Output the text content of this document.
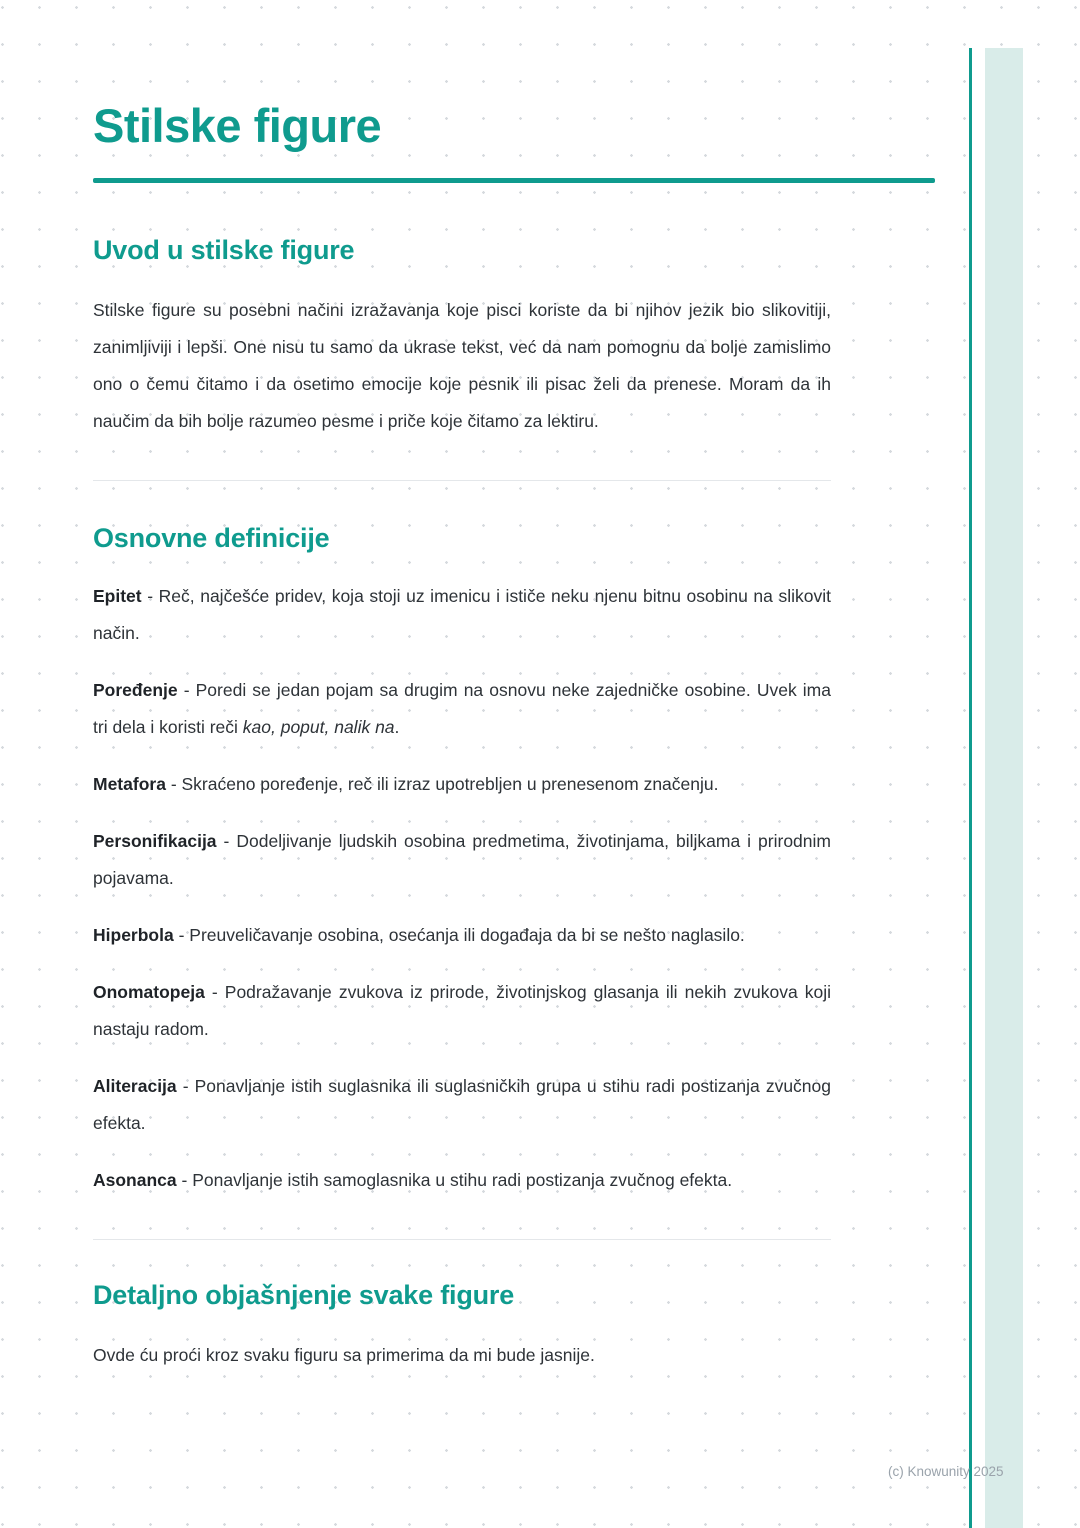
Stilske figure
Uvod u stilske figure

Stilske figure su posebni načini izražavanja koje pisci koriste da bi njihov jezik bio slikovitiji, zanimljiviji i lepši. One nisu tu samo da ukrase tekst, već da nam pomognu da bolje zamislimo ono o čemu čitamo i da osetimo emocije koje pesnik ili pisac želi da prenese. Moram da ih naučim da bih bolje razumeo pesme i priče koje čitamo za lektiru.

Osnovne definicije

Epitet - Reč, najčešće pridev, koja stoji uz imenicu i ističe neku njenu bitnu osobinu na slikovit način.

Poređenje - Poredi se jedan pojam sa drugim na osnovu neke zajedničke osobine. Uvek ima tri dela i koristi reči kao, poput, nalik na.

Metafora - Skraćeno poređenje, reč ili izraz upotrebljen u prenesenom značenju.

Personifikacija - Dodeljivanje ljudskih osobina predmetima, životinjama, biljkama i prirodnim pojavama.

Hiperbola - Preuveličavanje osobina, osećanja ili događaja da bi se nešto naglasilo.

Onomatopeja - Podražavanje zvukova iz prirode, životinjskog glasanja ili nekih zvukova koji nastaju radom.

Aliteracija - Ponavljanje istih suglasnika ili suglasničkih grupa u stihu radi postizanja zvučnog efekta.

Asonanca - Ponavljanje istih samoglasnika u stihu radi postizanja zvučnog efekta.

Detaljno objašnjenje svake figure

Ovde ću proći kroz svaku figuru sa primerima da mi bude jasnije.

(c) Knowunity 2025
